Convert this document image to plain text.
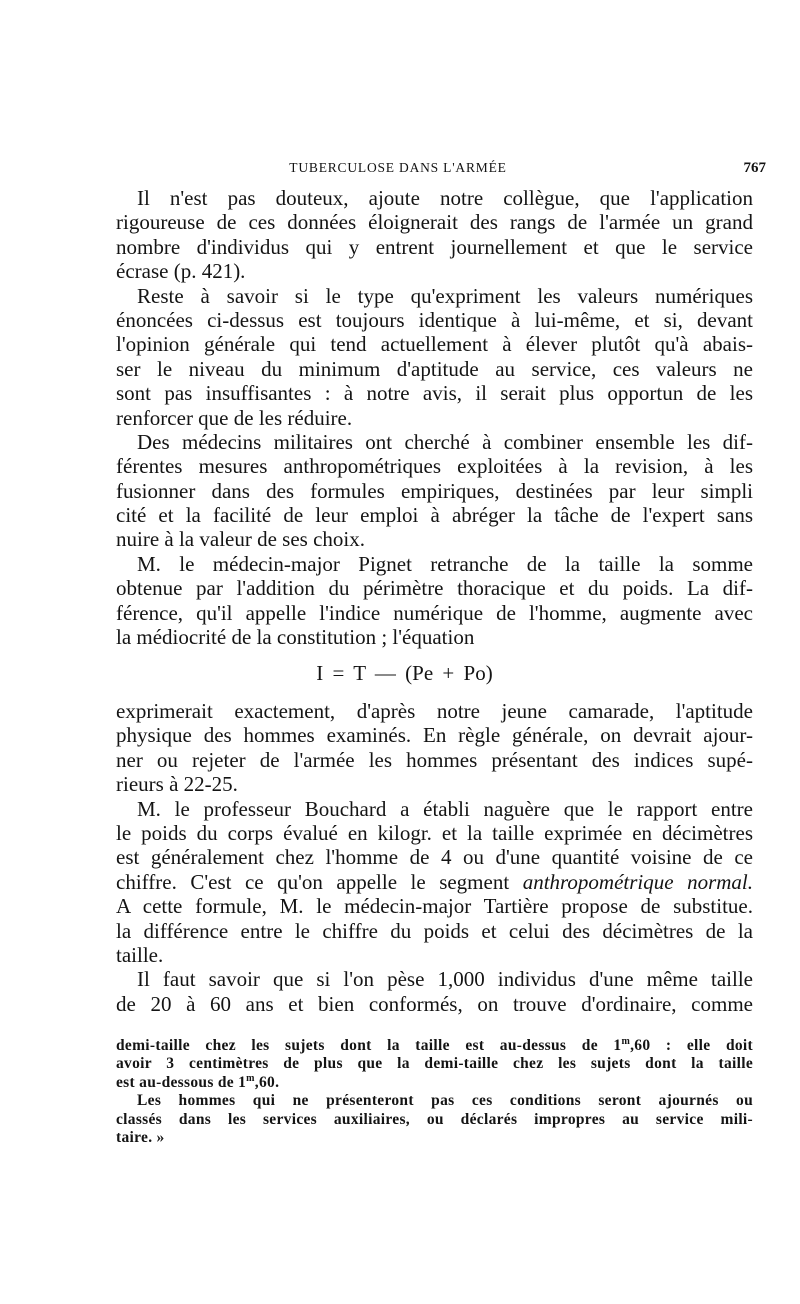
TUBERCULOSE DANS L'ARMÉE	767
Il n'est pas douteux, ajoute notre collègue, que l'application
rigoureuse de ces données éloignerait des rangs de l'armée un grand
nombre d'individus qui y entrent journellement et que le service
écrase (p. 421).
Reste à savoir si le type qu'expriment les valeurs numériques
énoncées ci-dessus est toujours identique à lui-même, et si, devant
l'opinion générale qui tend actuellement à élever plutôt qu'à abais-
ser le niveau du minimum d'aptitude au service, ces valeurs ne
sont pas insuffisantes : à notre avis, il serait plus opportun de les
renforcer que de les réduire.
Des médecins militaires ont cherché à combiner ensemble les dif-
férentes mesures anthropométriques exploitées à la revision, à les
fusionner dans des formules empiriques, destinées par leur simpli
cité et la facilité de leur emploi à abréger la tâche de l'expert sans
nuire à la valeur de ses choix.
M. le médecin-major Pignet retranche de la taille la somme
obtenue par l'addition du périmètre thoracique et du poids. La dif-
férence, qu'il appelle l'indice numérique de l'homme, augmente avec
la médiocrité de la constitution ; l'équation
I = T — (Pe + Po)
exprimerait exactement, d'après notre jeune camarade, l'aptitude
physique des hommes examinés. En règle générale, on devrait ajour-
ner ou rejeter de l'armée les hommes présentant des indices supé-
rieurs à 22-25.
M. le professeur Bouchard a établi naguère que le rapport entre
le poids du corps évalué en kilogr. et la taille exprimée en décimètres
est généralement chez l'homme de 4 ou d'une quantité voisine de ce
chiffre. C'est ce qu'on appelle le segment anthropométrique normal.
A cette formule, M. le médecin-major Tartière propose de substitue.
la différence entre le chiffre du poids et celui des décimètres de la
taille.
Il faut savoir que si l'on pèse 1,000 individus d'une même taille
de 20 à 60 ans et bien conformés, on trouve d'ordinaire, comme
demi-taille chez les sujets dont la taille est au-dessus de 1$^m$,60 : elle doit
avoir 3 centimètres de plus que la demi-taille chez les sujets dont la taille
est au-dessous de 1$^m$,60.
Les hommes qui ne présenteront pas ces conditions seront ajournés ou
classés dans les services auxiliaires, ou déclarés impropres au service mili-
taire. »
